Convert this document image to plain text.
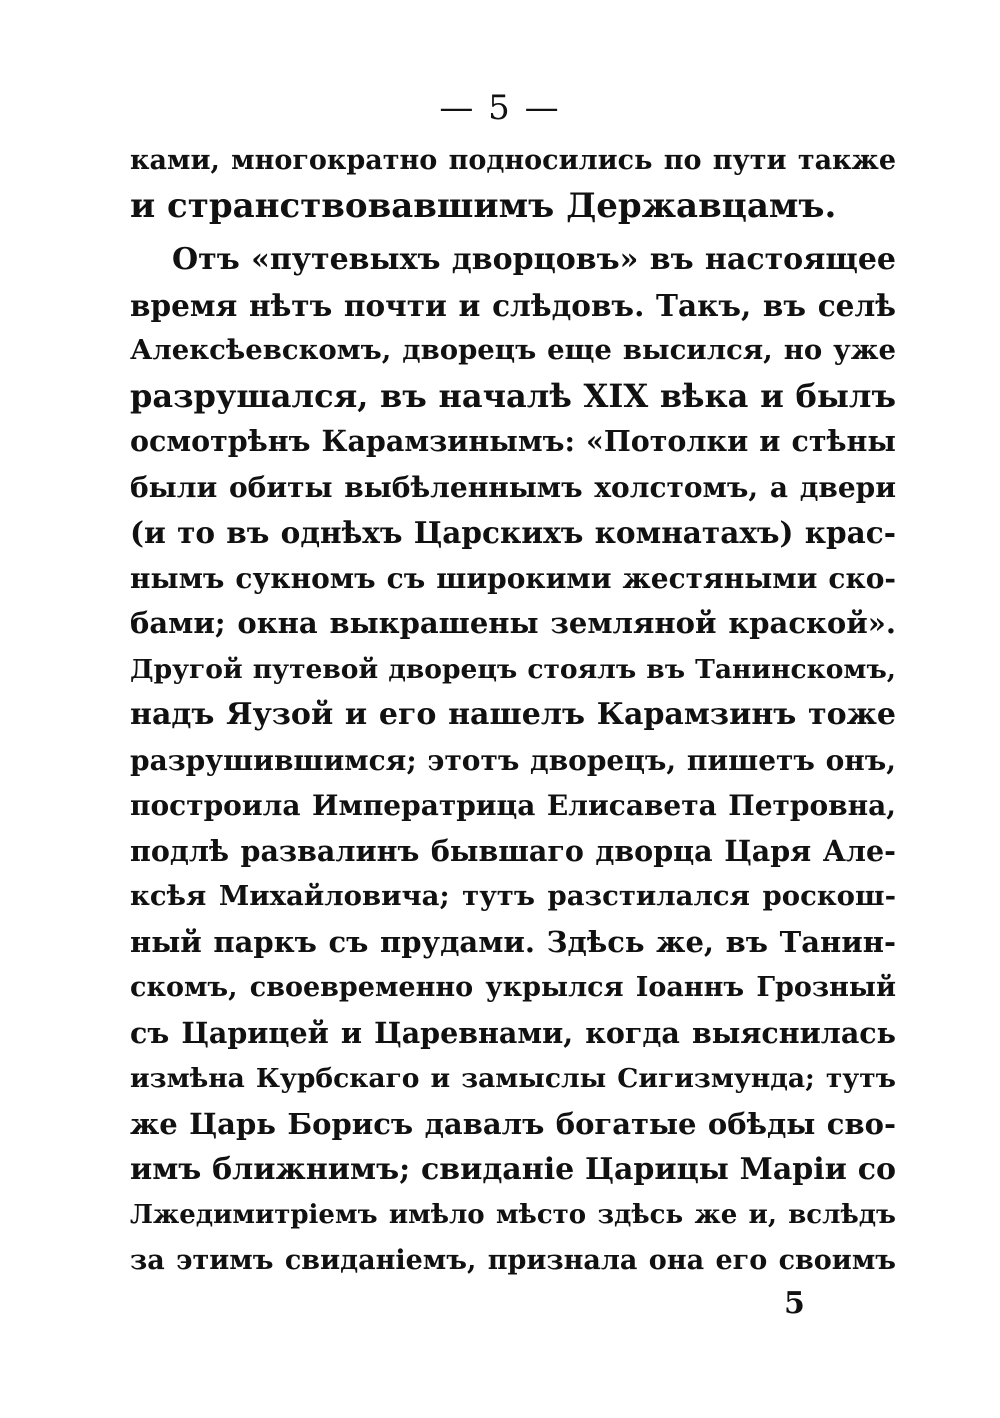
— 5 —
ками, многократно подносились по пути также
и странствовавшимъ Державцамъ.
Отъ «путевыхъ дворцовъ» въ настоящее
время нѣтъ почти и слѣдовъ. Такъ, въ селѣ
Алексѣевскомъ, дворецъ еще высился, но уже
разрушался, въ началѣ XIX вѣка и былъ
осмотрѣнъ Карамзинымъ: «Потолки и стѣны
были обиты выбѣленнымъ холстомъ, а двери
(и то въ однѣхъ Царскихъ комнатахъ) крас-
нымъ сукномъ съ широкими жестяными ско-
бами; окна выкрашены земляной краской».
Другой путевой дворецъ стоялъ въ Танинскомъ,
надъ Яузой и его нашелъ Карамзинъ тоже
разрушившимся; этотъ дворецъ, пишетъ онъ,
построила Императрица Елисавета Петровна,
подлѣ развалинъ бывшаго дворца Царя Але-
ксѣя Михайловича; тутъ разстилался роскош-
ный паркъ съ прудами. Здѣсь же, въ Танин-
скомъ, своевременно укрылся Іоаннъ Грозный
съ Царицей и Царевнами, когда выяснилась
измѣна Курбскаго и замыслы Сигизмунда; тутъ
же Царь Борисъ давалъ богатые обѣды сво-
имъ ближнимъ; свиданіе Царицы Маріи со
Лжедимитріемъ имѣло мѣсто здѣсь же и, вслѣдъ
за этимъ свиданіемъ, признала она его своимъ
5
